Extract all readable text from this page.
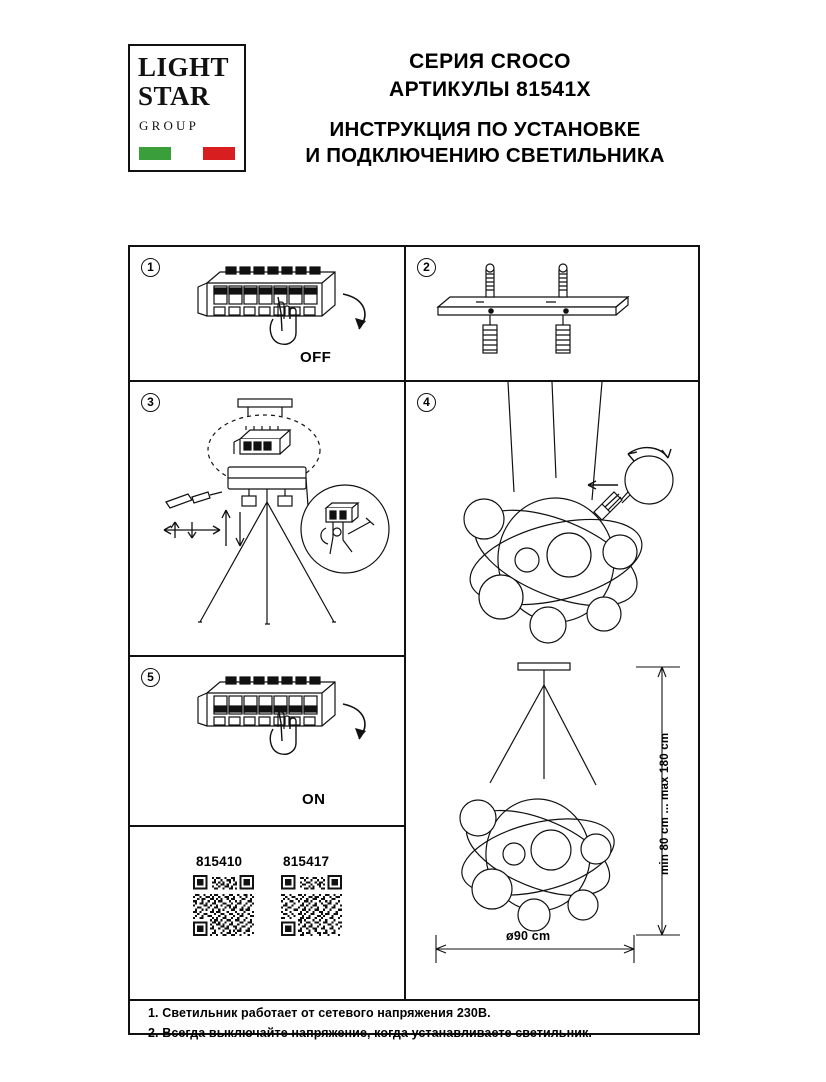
LIGHT
STAR
GROUP
СЕРИЯ CROCO
АРТИКУЛЫ 81541X
ИНСТРУКЦИЯ ПО УСТАНОВКЕ
И ПОДКЛЮЧЕНИЮ СВЕТИЛЬНИКА
1
OFF
2
3	4
5
ON
815410	815417	min 80 cm ... max 180 cm
ø90 cm
1. Светильник работает от сетевого напряжения 230В.
2. Всегда выключайте напряжение, когда устанавливаете светильник.
